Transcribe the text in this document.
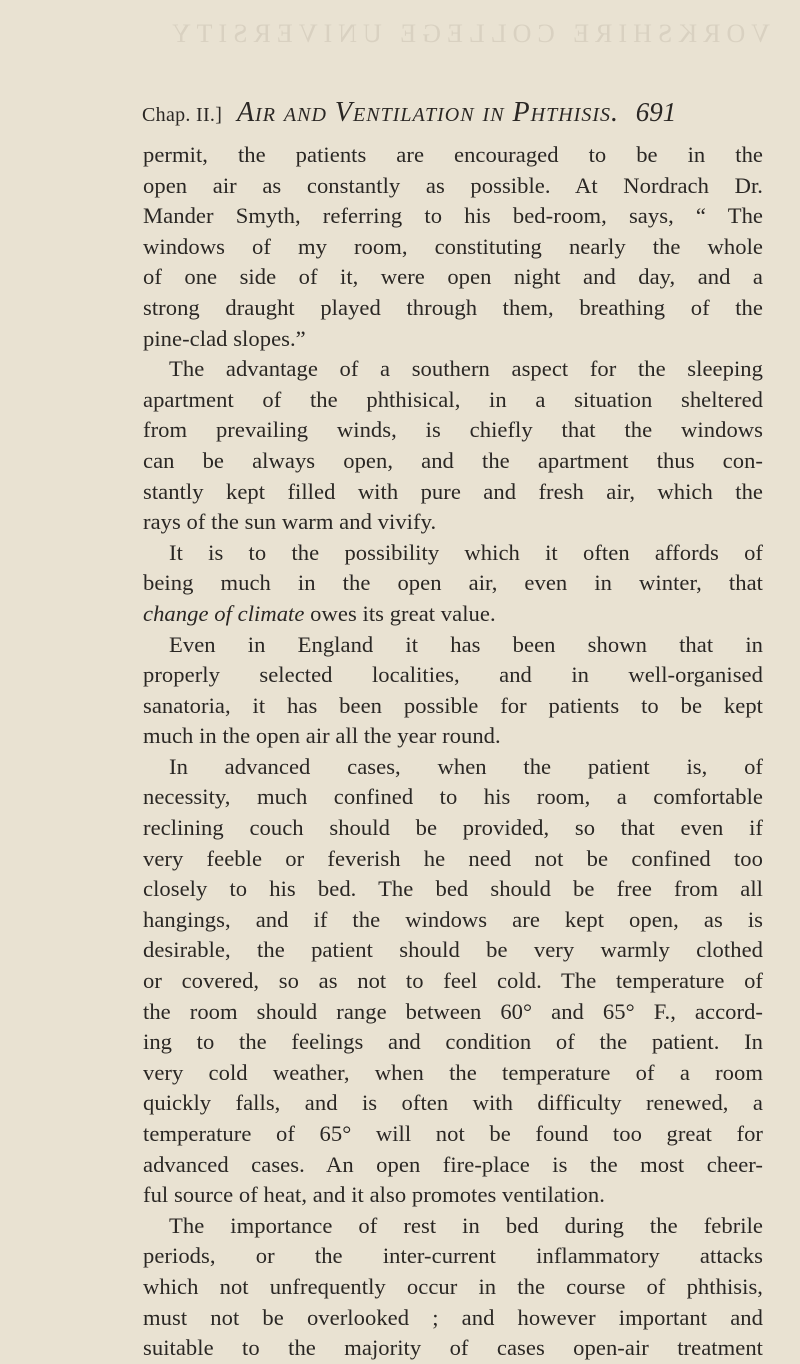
VORKSHIRE COLLEGE UNIVERSITY
Chap. II.] Air and Ventilation in Phthisis. 691
permit, the patients are encouraged to be in the
open air as constantly as possible. At Nordrach Dr.
Mander Smyth, referring to his bed-room, says, “ The
windows of my room, constituting nearly the whole
of one side of it, were open night and day, and a
strong draught played through them, breathing of the
pine-clad slopes.”
The advantage of a southern aspect for the sleeping
apartment of the phthisical, in a situation sheltered
from prevailing winds, is chiefly that the windows
can be always open, and the apartment thus con-
stantly kept filled with pure and fresh air, which the
rays of the sun warm and vivify.
It is to the possibility which it often affords of
being much in the open air, even in winter, that
change of climate owes its great value.
Even in England it has been shown that in
properly selected localities, and in well-organised
sanatoria, it has been possible for patients to be kept
much in the open air all the year round.
In advanced cases, when the patient is, of
necessity, much confined to his room, a comfortable
reclining couch should be provided, so that even if
very feeble or feverish he need not be confined too
closely to his bed. The bed should be free from all
hangings, and if the windows are kept open, as is
desirable, the patient should be very warmly clothed
or covered, so as not to feel cold. The temperature of
the room should range between 60° and 65° F., accord-
ing to the feelings and condition of the patient. In
very cold weather, when the temperature of a room
quickly falls, and is often with difficulty renewed, a
temperature of 65° will not be found too great for
advanced cases. An open fire-place is the most cheer-
ful source of heat, and it also promotes ventilation.
The importance of rest in bed during the febrile
periods, or the inter-current inflammatory attacks
which not unfrequently occur in the course of phthisis,
must not be overlooked ; and however important and
suitable to the majority of cases open-air treatment
